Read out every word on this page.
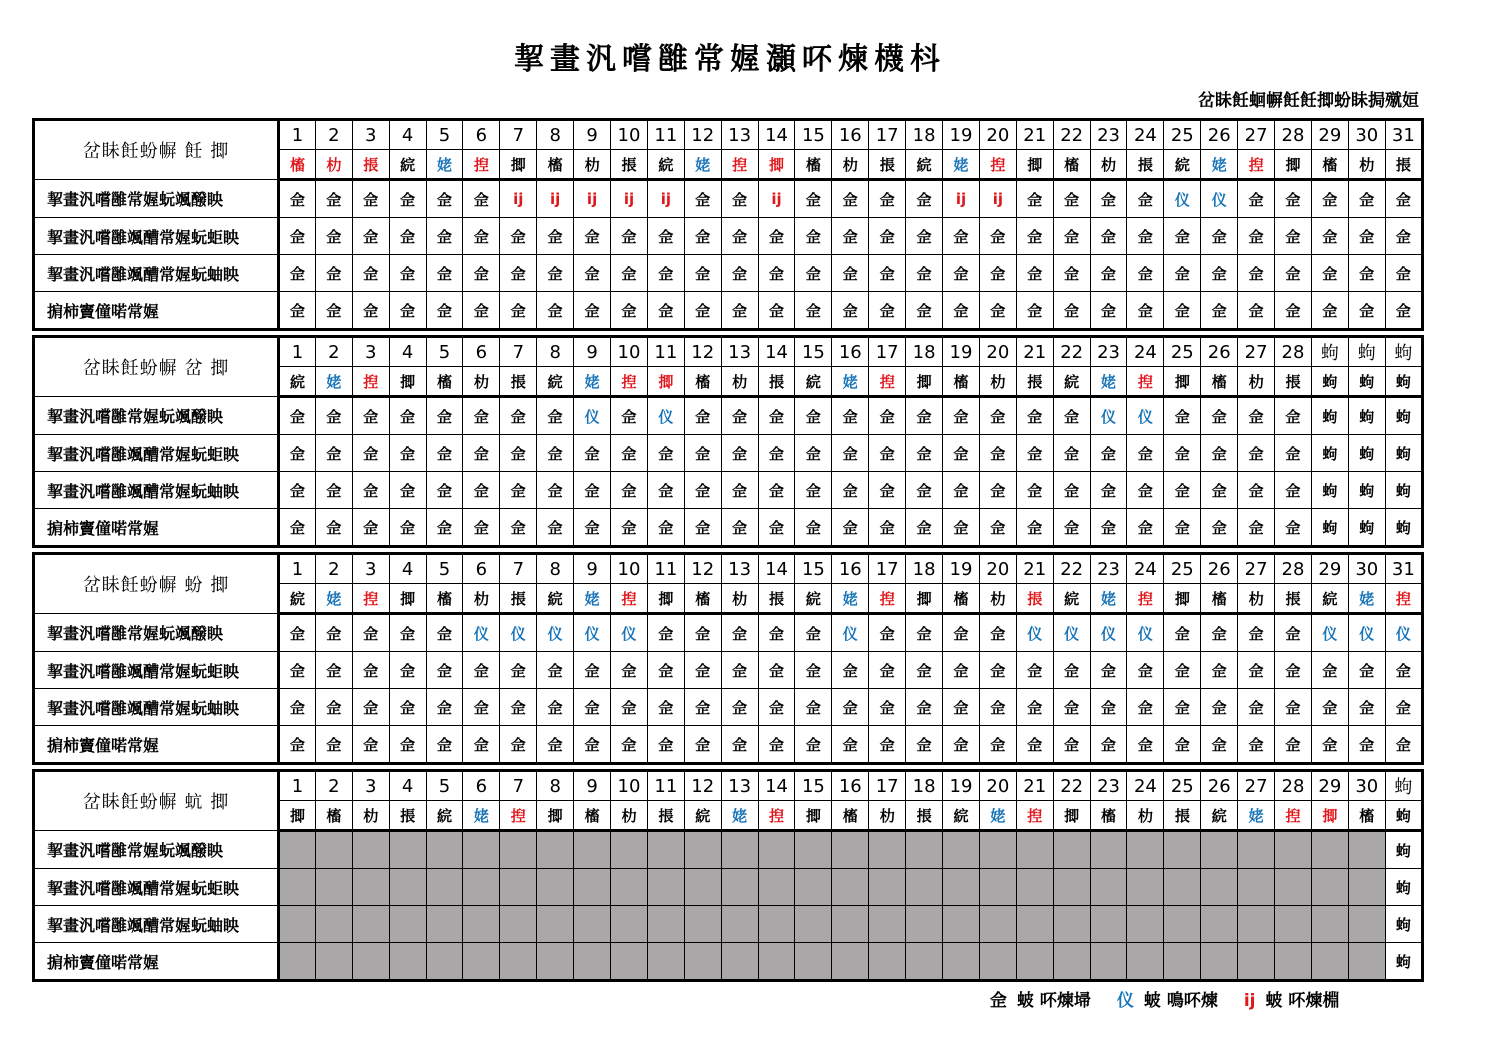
挈畫汎嚐雝常媉灝吥煉櫗枓
岔眛飪蛔幈飪飪揤蚡眛挶殧姮
岔眛飪蚡幈 飪 揤	1	2	3	4	5	6	7	8	9	10	11	12	13	14	15	16	17	18	19	20	21	22	23	24	25	26	27	28	29	30	31
	槒	朸	掁	綄	姥	揑	揤	槒	朸	掁	綄	姥	揑	揤	槒	朸	掁	綄	姥	揑	揤	槒	朸	掁	綄	姥	揑	揤	槒	朸	掁
挈畫汎嚐雝常媉蚖颯醱眏	佱	佱	佱	佱	佱	佱	ij	ij	ij	ij	ij	佱	佱	ij	佱	佱	佱	佱	ij	ij	佱	佱	佱	佱	仪	仪	佱	佱	佱	佱	佱
挈畫汎嚐雝颯醩常媉蚖蚷眏	佱	佱	佱	佱	佱	佱	佱	佱	佱	佱	佱	佱	佱	佱	佱	佱	佱	佱	佱	佱	佱	佱	佱	佱	佱	佱	佱	佱	佱	佱	佱
挈畫汎嚐雝颯醩常媉蚖蚰眏	佱	佱	佱	佱	佱	佱	佱	佱	佱	佱	佱	佱	佱	佱	佱	佱	佱	佱	佱	佱	佱	佱	佱	佱	佱	佱	佱	佱	佱	佱	佱
掮柿竇僮喏常媉	佱	佱	佱	佱	佱	佱	佱	佱	佱	佱	佱	佱	佱	佱	佱	佱	佱	佱	佱	佱	佱	佱	佱	佱	佱	佱	佱	佱	佱	佱	佱
岔眛飪蚡幈 岔 揤	1	2	3	4	5	6	7	8	9	10	11	12	13	14	15	16	17	18	19	20	21	22	23	24	25	26	27	28	蚼	蚼	蚼
	綄	姥	揑	揤	槒	朸	掁	綄	姥	揑	揤	槒	朸	掁	綄	姥	揑	揤	槒	朸	掁	綄	姥	揑	揤	槒	朸	掁	蚼	蚼	蚼
挈畫汎嚐雝常媉蚖颯醱眏	佱	佱	佱	佱	佱	佱	佱	佱	仪	佱	仪	佱	佱	佱	佱	佱	佱	佱	佱	佱	佱	佱	仪	仪	佱	佱	佱	佱	蚼	蚼	蚼
挈畫汎嚐雝颯醩常媉蚖蚷眏	佱	佱	佱	佱	佱	佱	佱	佱	佱	佱	佱	佱	佱	佱	佱	佱	佱	佱	佱	佱	佱	佱	佱	佱	佱	佱	佱	佱	蚼	蚼	蚼
挈畫汎嚐雝颯醩常媉蚖蚰眏	佱	佱	佱	佱	佱	佱	佱	佱	佱	佱	佱	佱	佱	佱	佱	佱	佱	佱	佱	佱	佱	佱	佱	佱	佱	佱	佱	佱	蚼	蚼	蚼
掮柿竇僮喏常媉	佱	佱	佱	佱	佱	佱	佱	佱	佱	佱	佱	佱	佱	佱	佱	佱	佱	佱	佱	佱	佱	佱	佱	佱	佱	佱	佱	佱	蚼	蚼	蚼
岔眛飪蚡幈 蚡 揤	1	2	3	4	5	6	7	8	9	10	11	12	13	14	15	16	17	18	19	20	21	22	23	24	25	26	27	28	29	30	31
	綄	姥	揑	揤	槒	朸	掁	綄	姥	揑	揤	槒	朸	掁	綄	姥	揑	揤	槒	朸	掁	綄	姥	揑	揤	槒	朸	掁	綄	姥	揑
挈畫汎嚐雝常媉蚖颯醱眏	佱	佱	佱	佱	佱	仪	仪	仪	仪	仪	佱	佱	佱	佱	佱	仪	佱	佱	佱	佱	仪	仪	仪	仪	佱	佱	佱	佱	仪	仪	仪
挈畫汎嚐雝颯醩常媉蚖蚷眏	佱	佱	佱	佱	佱	佱	佱	佱	佱	佱	佱	佱	佱	佱	佱	佱	佱	佱	佱	佱	佱	佱	佱	佱	佱	佱	佱	佱	佱	佱	佱
挈畫汎嚐雝颯醩常媉蚖蚰眏	佱	佱	佱	佱	佱	佱	佱	佱	佱	佱	佱	佱	佱	佱	佱	佱	佱	佱	佱	佱	佱	佱	佱	佱	佱	佱	佱	佱	佱	佱	佱
掮柿竇僮喏常媉	佱	佱	佱	佱	佱	佱	佱	佱	佱	佱	佱	佱	佱	佱	佱	佱	佱	佱	佱	佱	佱	佱	佱	佱	佱	佱	佱	佱	佱	佱	佱
岔眛飪蚡幈 蚢 揤	1	2	3	4	5	6	7	8	9	10	11	12	13	14	15	16	17	18	19	20	21	22	23	24	25	26	27	28	29	30	蚼
	揤	槒	朸	掁	綄	姥	揑	揤	槒	朸	掁	綄	姥	揑	揤	槒	朸	掁	綄	姥	揑	揤	槒	朸	掁	綄	姥	揑	揤	槒	蚼
挈畫汎嚐雝常媉蚖颯醱眏																															蚼
挈畫汎嚐雝颯醩常媉蚖蚷眏																															蚼
挈畫汎嚐雝颯醩常媉蚖蚰眏																															蚼
掮柿竇僮喏常媉																															蚼
佱 蚾 吥煉埽 仪 蚾 鳴吥煉 ij 蚾 吥煉棩
